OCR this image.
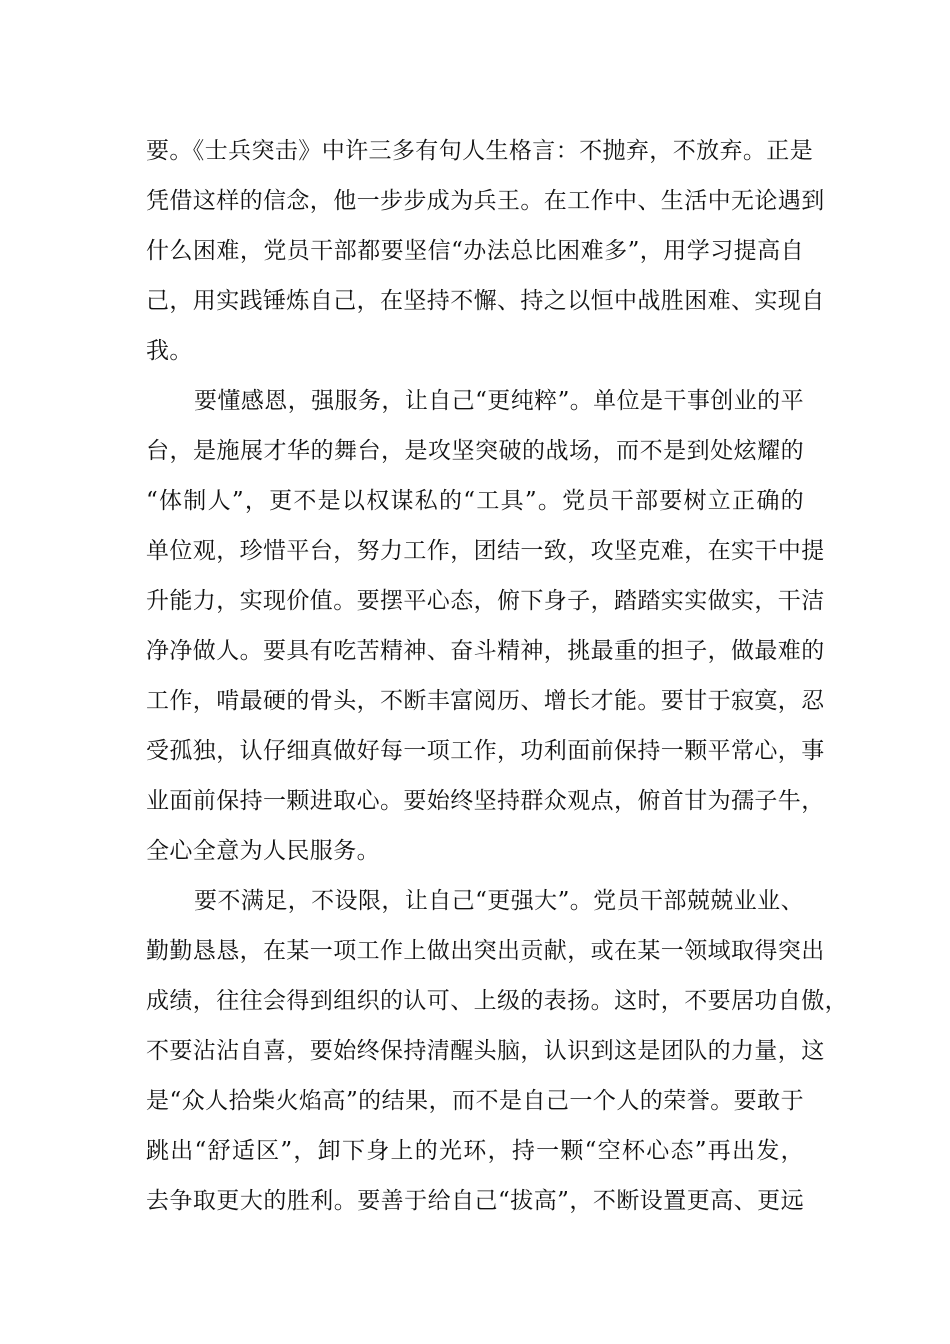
要。《士兵突击》中许三多有句人生格言：不抛弃，不放弃。正是
凭借这样的信念，他一步步成为兵王。在工作中、生活中无论遇到
什么困难，党员干部都要坚信“办法总比困难多”，用学习提高自
己，用实践锤炼自己，在坚持不懈、持之以恒中战胜困难、实现自
我。
要懂感恩，强服务，让自己“更纯粹”。单位是干事创业的平
台，是施展才华的舞台，是攻坚突破的战场，而不是到处炫耀的
“体制人”，更不是以权谋私的“工具”。党员干部要树立正确的
单位观，珍惜平台，努力工作，团结一致，攻坚克难，在实干中提
升能力，实现价值。要摆平心态，俯下身子，踏踏实实做实，干洁
净净做人。要具有吃苦精神、奋斗精神，挑最重的担子，做最难的
工作，啃最硬的骨头，不断丰富阅历、增长才能。要甘于寂寞，忍
受孤独，认仔细真做好每一项工作，功利面前保持一颗平常心，事
业面前保持一颗进取心。要始终坚持群众观点，俯首甘为孺子牛，
全心全意为人民服务。
要不满足，不设限，让自己“更强大”。党员干部兢兢业业、
勤勤恳恳，在某一项工作上做出突出贡献，或在某一领域取得突出
成绩，往往会得到组织的认可、上级的表扬。这时，不要居功自傲，
不要沾沾自喜，要始终保持清醒头脑，认识到这是团队的力量，这
是“众人拾柴火焰高”的结果，而不是自己一个人的荣誉。要敢于
跳出“舒适区”，卸下身上的光环，持一颗“空杯心态”再出发，
去争取更大的胜利。要善于给自己“拔高”，不断设置更高、更远
